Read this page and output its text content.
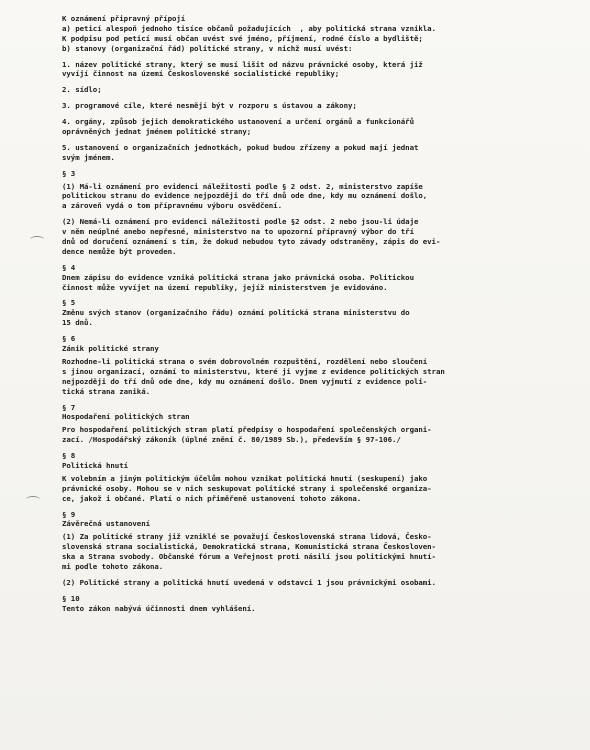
K oznámení připravný přípojí
a) peticí alespoň jednoho tisíce občanů požadujících  , aby politická strana vznikla.
K podpisu pod peticí musí občan uvést své jméno, příjmení, rodné číslo a bydliště;
b) stanovy (organizační řád) politické strany, v nichž musí uvést:
1. název politické strany, který se musí lišit od názvu právnické osoby, která již
vyvíjí činnost na území Československé socialistické republiky;
2. sídlo;
3. programové cíle, které nesmějí být v rozporu s ústavou a zákony;
4. orgány, způsob jejich demokratického ustanovení a určení orgánů a funkcionářů
oprávněných jednat jménem politické strany;
5. ustanovení o organizačních jednotkách, pokud budou zřízeny a pokud mají jednat
svým jménem.
§ 3
(1) Má-li oznámení pro evidenci náležitosti podle § 2 odst. 2, ministerstvo zapíše
politickou stranu do evidence nejpozději do tří dnů ode dne, kdy mu oznámení došlo,
a zároveň vydá o tom přípravnému výboru osvědčení.
(2) Nemá-li oznámení pro evidenci náležitosti podle §2 odst. 2 nebo jsou-li údaje
v něm neúplné anebo nepřesné, ministerstvo na to upozorní přípravný výbor do tří
dnů od doručení oznámení s tím, že dokud nebudou tyto závady odstraněny, zápis do evi-
dence nemůže být proveden.
§ 4
Dnem zápisu do evidence vzniká politická strana jako právnická osoba. Politickou
činnost může vyvíjet na území republiky, jejíž ministerstvem je evidováno.
§ 5
Změnu svých stanov (organizačního řádu) oznámí politická strana ministerstvu do
15 dnů.
§ 6
Zánik politické strany
Rozhodne-li politická strana o svém dobrovolném rozpuštění, rozdělení nebo sloučení
s jinou organizací, oznámí to ministerstvu, které ji vyjme z evidence politických stran
nejpozději do tří dnů ode dne, kdy mu oznámení došlo. Dnem vyjmutí z evidence poli-
tická strana zaniká.
§ 7
Hospodaření politických stran
Pro hospodaření politických stran platí předpisy o hospodaření společenských organi-
zací. /Hospodářský zákoník (úplné znění č. 80/1989 Sb.), především § 97-106./
§ 8
Politická hnutí
K volebním a jiným politickým účelům mohou vznikat politická hnutí (seskupení) jako
právnické osoby. Mohou se v nich seskupovat politické strany i společenské organiza-
ce, jakož i občané. Platí o nich přiměřeně ustanovení tohoto zákona.
§ 9
Závěrečná ustanovení
(1) Za politické strany již vzniklé se považují Československá strana lidová, Česko-
slovenská strana socialistická, Demokratická strana, Komunistická strana Českosloven-
ska a Strana svobody. Občanské fórum a Veřejnost proti násilí jsou politickými hnutí-
mi podle tohoto zákona.
(2) Politické strany a politická hnutí uvedená v odstavci 1 jsou právnickými osobami.
§ 10
Tento zákon nabývá účinnosti dnem vyhlášení.
